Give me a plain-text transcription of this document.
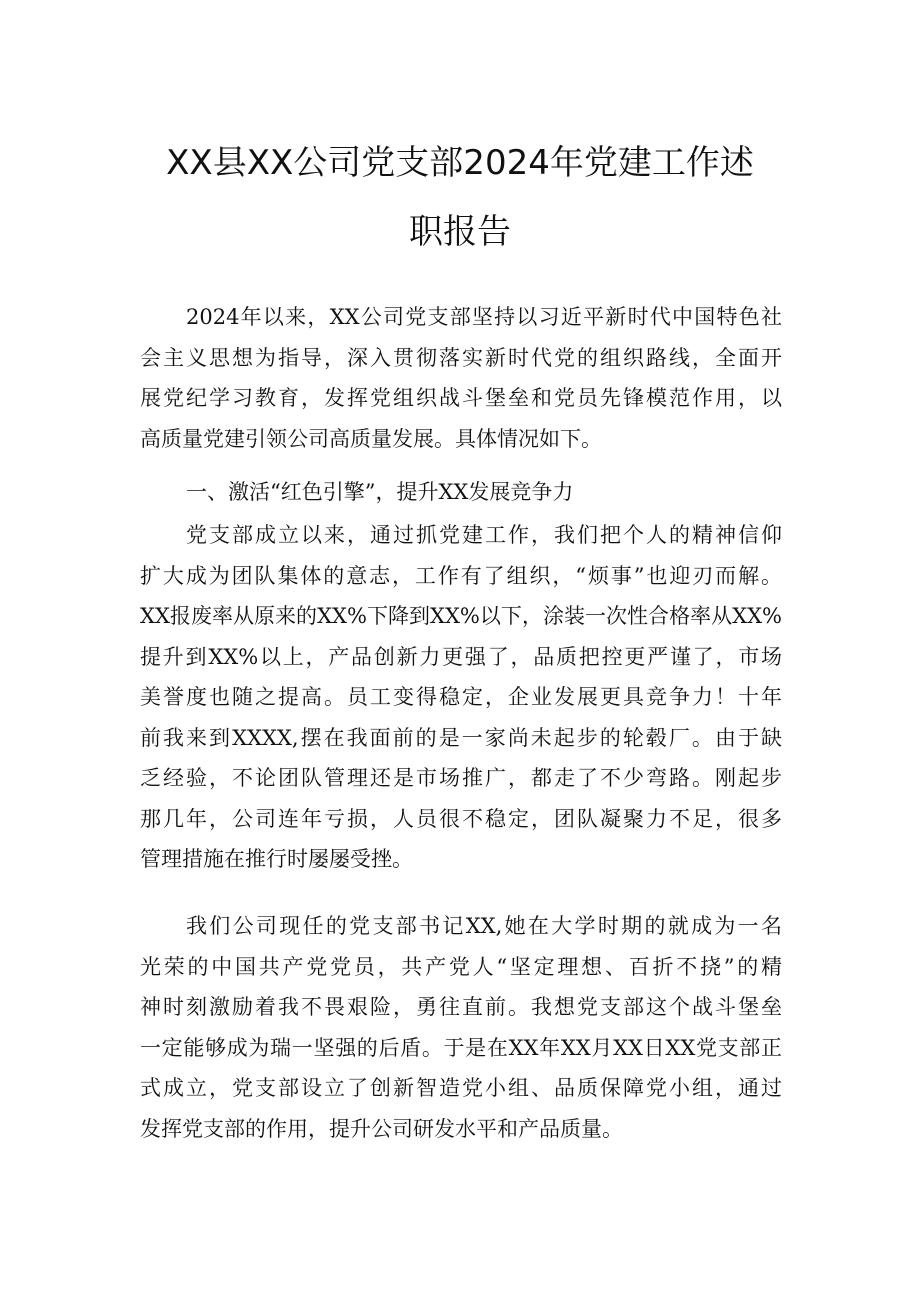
XX县XX公司党支部2024年党建工作述
职报告
2024年以来，XX公司党支部坚持以习近平新时代中国特色社
会主义思想为指导，深入贯彻落实新时代党的组织路线，全面开
展党纪学习教育，发挥党组织战斗堡垒和党员先锋模范作用，以
高质量党建引领公司高质量发展。具体情况如下。
一、激活“红色引擎”，提升XX发展竞争力
党支部成立以来，通过抓党建工作，我们把个人的精神信仰
扩大成为团队集体的意志，工作有了组织，“烦事”也迎刃而解。
XX报废率从原来的XX%下降到XX%以下，涂装一次性合格率从XX%
提升到XX%以上，产品创新力更强了，品质把控更严谨了，市场
美誉度也随之提高。员工变得稳定，企业发展更具竞争力！十年
前我来到XXXX,摆在我面前的是一家尚未起步的轮毂厂。由于缺
乏经验，不论团队管理还是市场推广，都走了不少弯路。刚起步
那几年，公司连年亏损，人员很不稳定，团队凝聚力不足，很多
管理措施在推行时屡屡受挫。
我们公司现任的党支部书记XX,她在大学时期的就成为一名
光荣的中国共产党党员，共产党人“坚定理想、百折不挠”的精
神时刻激励着我不畏艰险，勇往直前。我想党支部这个战斗堡垒
一定能够成为瑞一坚强的后盾。于是在XX年XX月XX日XX党支部正
式成立，党支部设立了创新智造党小组、品质保障党小组，通过
发挥党支部的作用，提升公司研发水平和产品质量。
